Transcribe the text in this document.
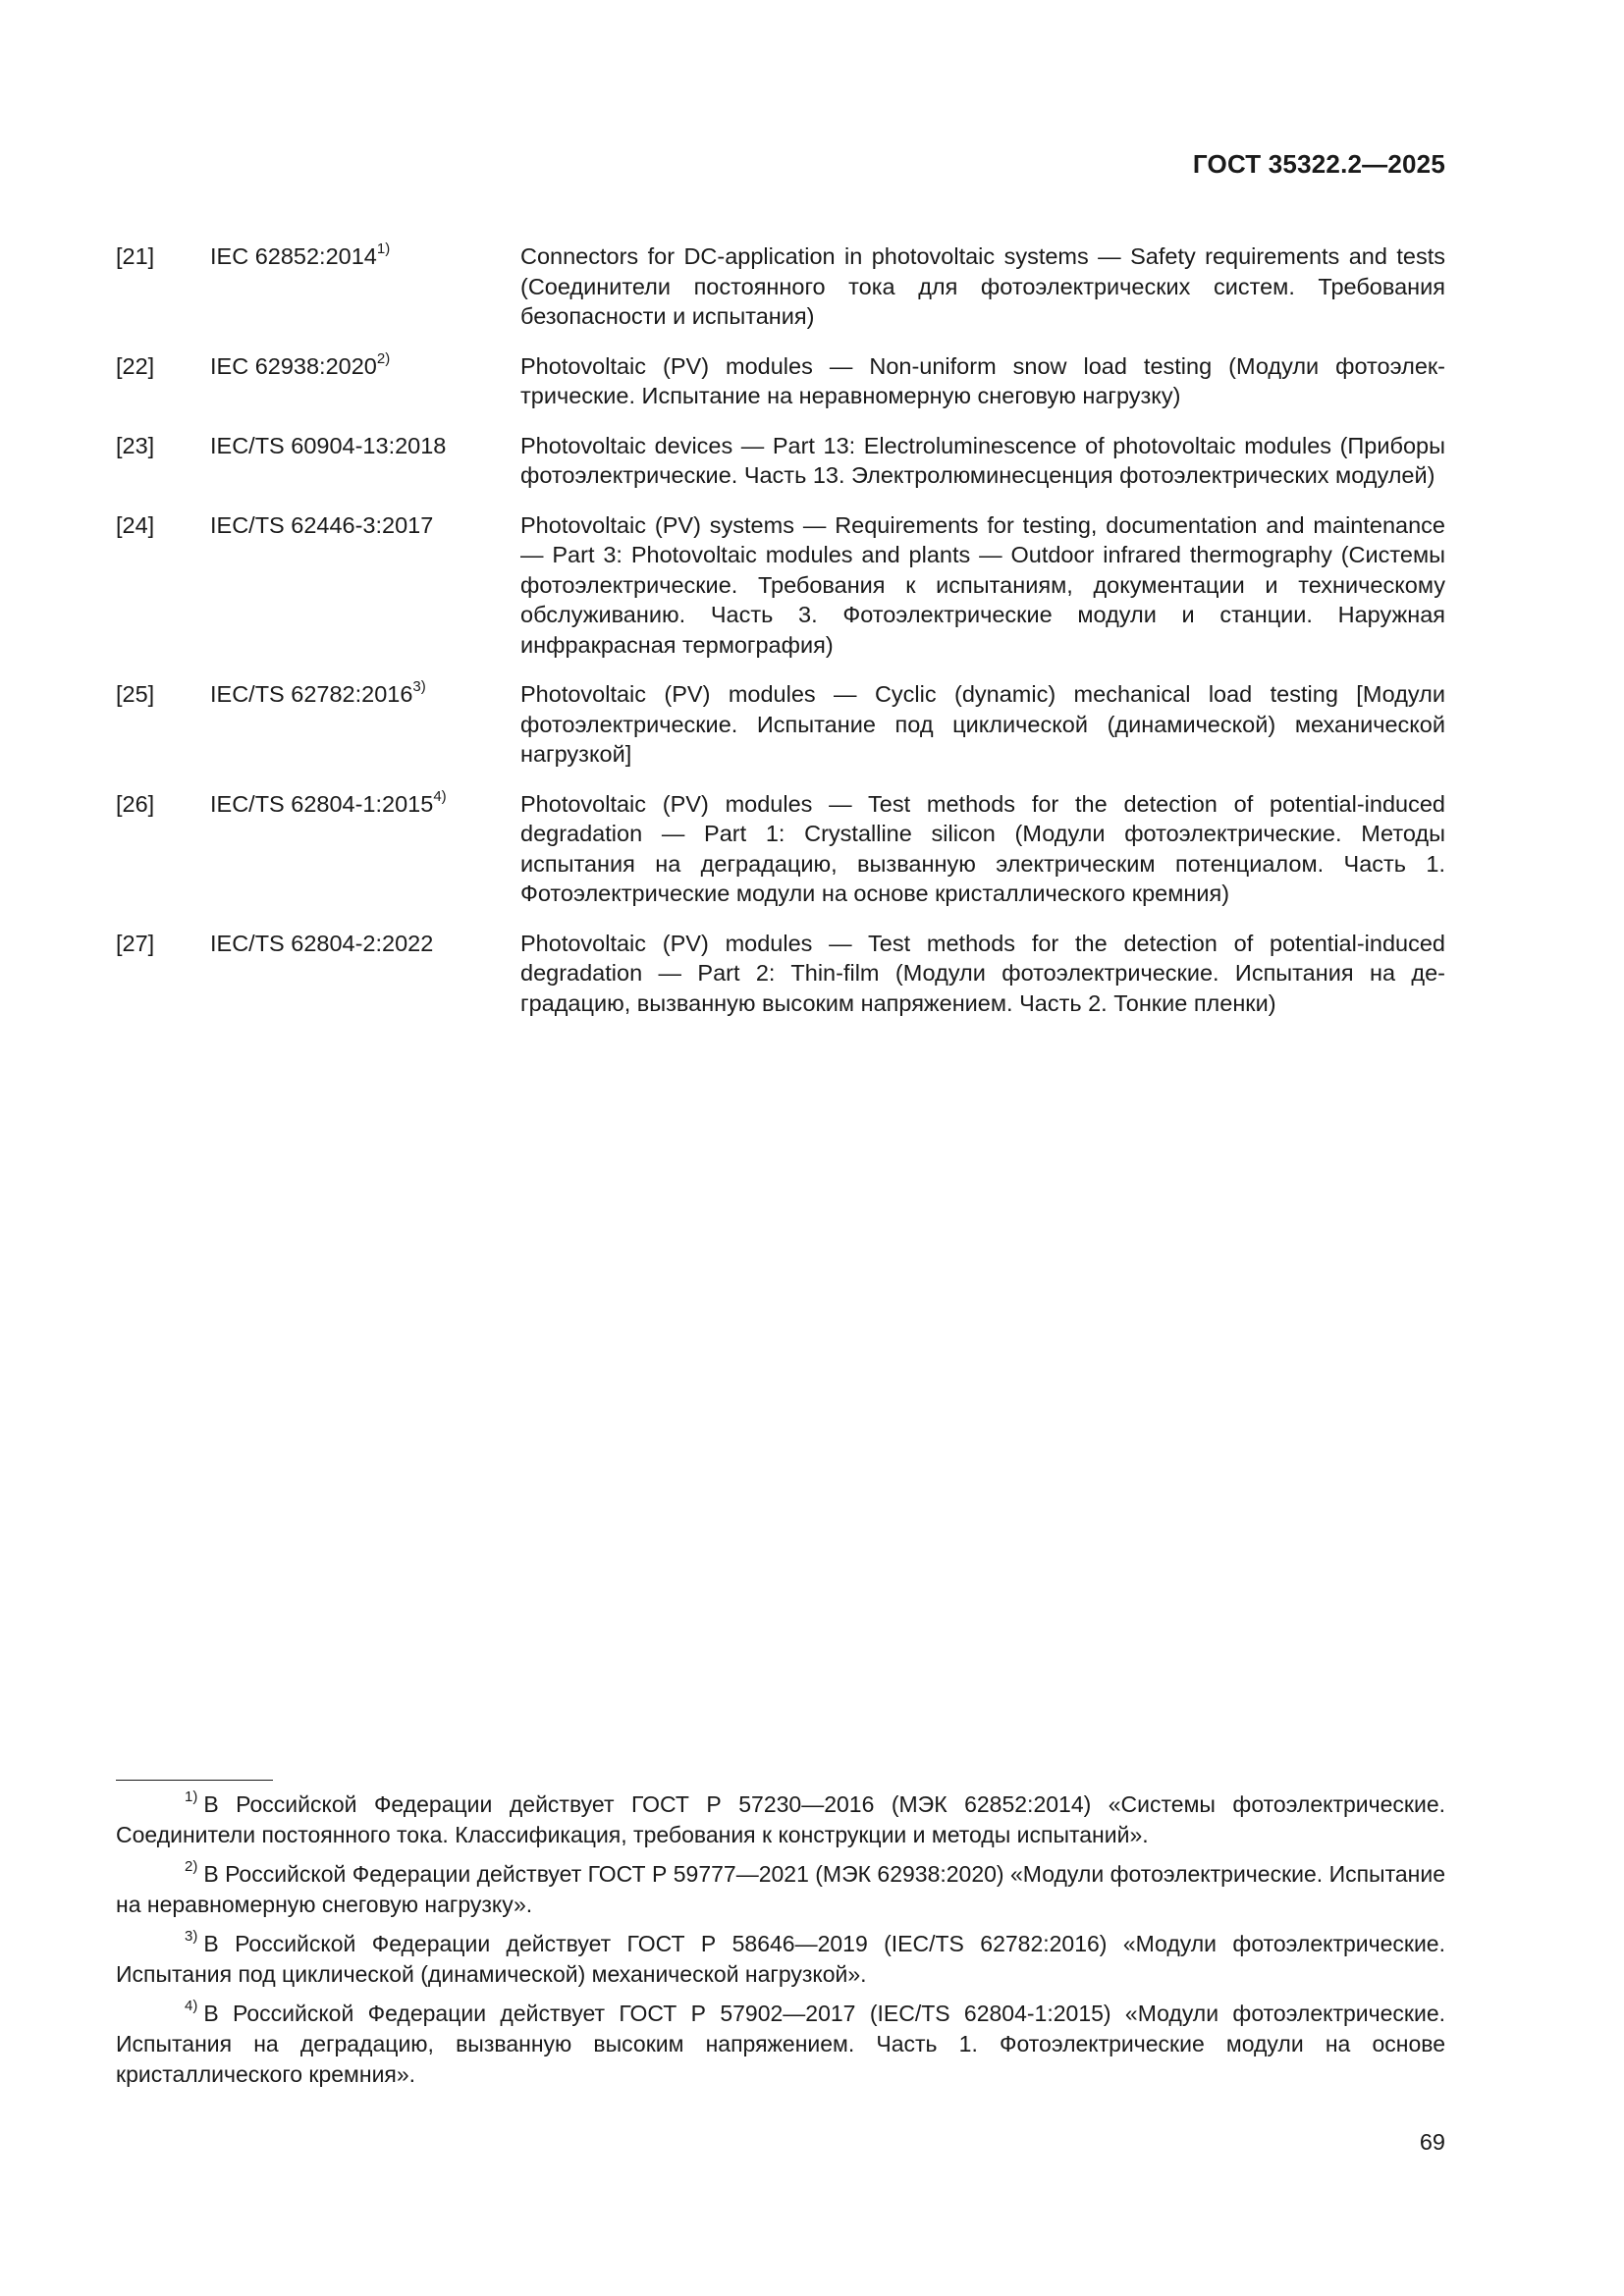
ГОСТ 35322.2—2025
[21]	IEC 62852:2014$^{1)}$	Connectors for DC-application in photovoltaic systems — Safety requirements and tests (Соединители постоянного тока для фотоэлектрических систем. Требования безопасности и испытания)
[22]	IEC 62938:2020$^{2)}$	Photovoltaic (PV) modules — Non-uniform snow load testing (Модули фотоэлектрические. Испытание на неравномерную снеговую нагрузку)
[23]	IEC/TS 60904-13:2018	Photovoltaic devices — Part 13: Electroluminescence of photovoltaic modules (Приборы фотоэлектрические. Часть 13. Электролюминесценция фотоэлектрических модулей)
[24]	IEC/TS 62446-3:2017	Photovoltaic (PV) systems — Requirements for testing, documentation and maintenance — Part 3: Photovoltaic modules and plants — Outdoor infrared thermography (Системы фотоэлектрические. Требования к испытаниям, документации и техническому обслуживанию. Часть 3. Фотоэлектрические модули и станции. Наружная инфракрасная термография)
[25]	IEC/TS 62782:2016$^{3)}$	Photovoltaic (PV) modules — Cyclic (dynamic) mechanical load testing [Модули фотоэлектрические. Испытание под циклической (динамической) механической нагрузкой]
[26]	IEC/TS 62804-1:2015$^{4)}$	Photovoltaic (PV) modules — Test methods for the detection of potential-induced degradation — Part 1: Crystalline silicon (Модули фотоэлектрические. Методы испытания на деградацию, вызванную электрическим потенциалом. Часть 1. Фотоэлектрические модули на основе кристаллического кремния)
[27]	IEC/TS 62804-2:2022	Photovoltaic (PV) modules — Test methods for the detection of potential-induced degradation — Part 2: Thin-film (Модули фотоэлектрические. Испытания на деградацию, вызванную высоким напряжением. Часть 2. Тонкие пленки)
$^{1)}$ В Российской Федерации действует ГОСТ Р 57230—2016 (МЭК 62852:2014) «Системы фотоэлектрические. Соединители постоянного тока. Классификация, требования к конструкции и методы испытаний».
$^{2)}$ В Российской Федерации действует ГОСТ Р 59777—2021 (МЭК 62938:2020) «Модули фотоэлектрические. Испытание на неравномерную снеговую нагрузку».
$^{3)}$ В Российской Федерации действует ГОСТ Р 58646—2019 (IEC/TS 62782:2016) «Модули фотоэлектрические. Испытания под циклической (динамической) механической нагрузкой».
$^{4)}$ В Российской Федерации действует ГОСТ Р 57902—2017 (IEC/TS 62804-1:2015) «Модули фотоэлектрические. Испытания на деградацию, вызванную высоким напряжением. Часть 1. Фотоэлектрические модули на основе кристаллического кремния».
69
